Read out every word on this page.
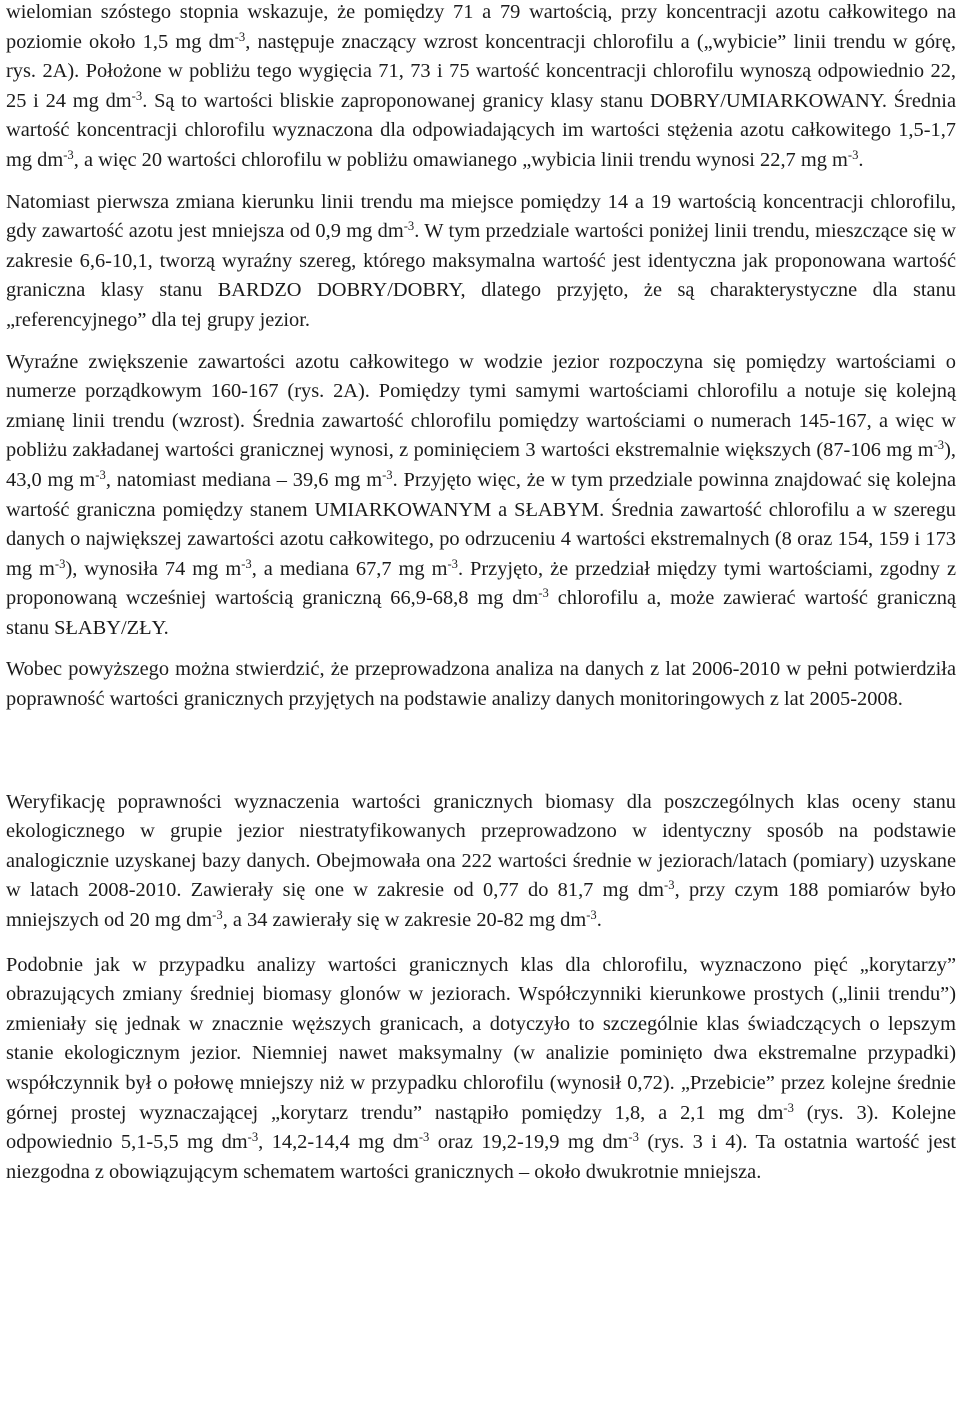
wielomian szóstego stopnia wskazuje, że pomiędzy 71 a 79 wartością, przy koncentracji azotu całkowitego na poziomie około 1,5 mg $dm^{-3}$, następuje znaczący wzrost koncentracji chlorofilu a („wybicie” linii trendu w górę, rys. 2A). Położone w pobliżu tego wygięcia 71, 73 i 75 wartość koncentracji chlorofilu wynoszą odpowiednio 22, 25 i 24 mg $dm^{-3}$. Są to wartości bliskie zaproponowanej granicy klasy stanu DOBRY/UMIARKOWANY. Średnia wartość koncentracji chlorofilu wyznaczona dla odpowiadających im wartości stężenia azotu całkowitego 1,5-1,7 mg $dm^{-3}$, a więc 20 wartości chlorofilu w pobliżu omawianego „wybicia linii trendu wynosi 22,7 mg $m^{-3}$.

Natomiast pierwsza zmiana kierunku linii trendu ma miejsce pomiędzy 14 a 19 wartością koncentracji chlorofilu, gdy zawartość azotu jest mniejsza od 0,9 mg $dm^{-3}$. W tym przedziale wartości poniżej linii trendu, mieszczące się w zakresie 6,6-10,1, tworzą wyraźny szereg, którego maksymalna wartość jest identyczna jak proponowana wartość graniczna klasy stanu BARDZO DOBRY/DOBRY, dlatego przyjęto, że są charakterystyczne dla stanu „referencyjnego” dla tej grupy jezior.

Wyraźne zwiększenie zawartości azotu całkowitego w wodzie jezior rozpoczyna się pomiędzy wartościami o numerze porządkowym 160-167 (rys. 2A). Pomiędzy tymi samymi wartościami chlorofilu a notuje się kolejną zmianę linii trendu (wzrost). Średnia zawartość chlorofilu pomiędzy wartościami o numerach 145-167, a więc w pobliżu zakładanej wartości granicznej wynosi, z pominięciem 3 wartości ekstremalnie większych (87-106 mg $m^{-3}$), 43,0 mg $m^{-3}$, natomiast mediana – 39,6 mg $m^{-3}$. Przyjęto więc, że w tym przedziale powinna znajdować się kolejna wartość graniczna pomiędzy stanem UMIARKOWANYM a SŁABYM. Średnia zawartość chlorofilu a w szeregu danych o największej zawartości azotu całkowitego, po odrzuceniu 4 wartości ekstremalnych (8 oraz 154, 159 i 173 mg $m^{-3}$), wynosiła 74 mg $m^{-3}$, a mediana 67,7 mg $m^{-3}$. Przyjęto, że przedział między tymi wartościami, zgodny z proponowaną wcześniej wartością graniczną 66,9-68,8 mg $dm^{-3}$ chlorofilu a, może zawierać wartość graniczną stanu SŁABY/ZŁY.

Wobec powyższego można stwierdzić, że przeprowadzona analiza na danych z lat 2006-2010 w pełni potwierdziła poprawność wartości granicznych przyjętych na podstawie analizy danych monitoringowych z lat 2005-2008.

Weryfikację poprawności wyznaczenia wartości granicznych biomasy dla poszczególnych klas oceny stanu ekologicznego w grupie jezior niestratyfikowanych przeprowadzono w identyczny sposób na podstawie analogicznie uzyskanej bazy danych. Obejmowała ona 222 wartości średnie w jeziorach/latach (pomiary) uzyskane w latach 2008-2010. Zawierały się one w zakresie od 0,77 do 81,7 mg $dm^{-3}$, przy czym 188 pomiarów było mniejszych od 20 mg $dm^{-3}$, a 34 zawierały się w zakresie 20-82 mg $dm^{-3}$.

Podobnie jak w przypadku analizy wartości granicznych klas dla chlorofilu, wyznaczono pięć „korytarzy” obrazujących zmiany średniej biomasy glonów w jeziorach. Współczynniki kierunkowe prostych („linii trendu”) zmieniały się jednak w znacznie węższych granicach, a dotyczyło to szczególnie klas świadczących o lepszym stanie ekologicznym jezior. Niemniej nawet maksymalny (w analizie pominięto dwa ekstremalne przypadki) współczynnik był o połowę mniejszy niż w przypadku chlorofilu (wynosił 0,72). „Przebicie” przez kolejne średnie górnej prostej wyznaczającej „korytarz trendu” nastąpiło pomiędzy 1,8, a 2,1 mg $dm^{-3}$ (rys. 3). Kolejne odpowiednio 5,1-5,5 mg $dm^{-3}$, 14,2-14,4 mg $dm^{-3}$ oraz 19,2-19,9 mg $dm^{-3}$ (rys. 3 i 4). Ta ostatnia wartość jest niezgodna z obowiązującym schematem wartości granicznych – około dwukrotnie mniejsza.
